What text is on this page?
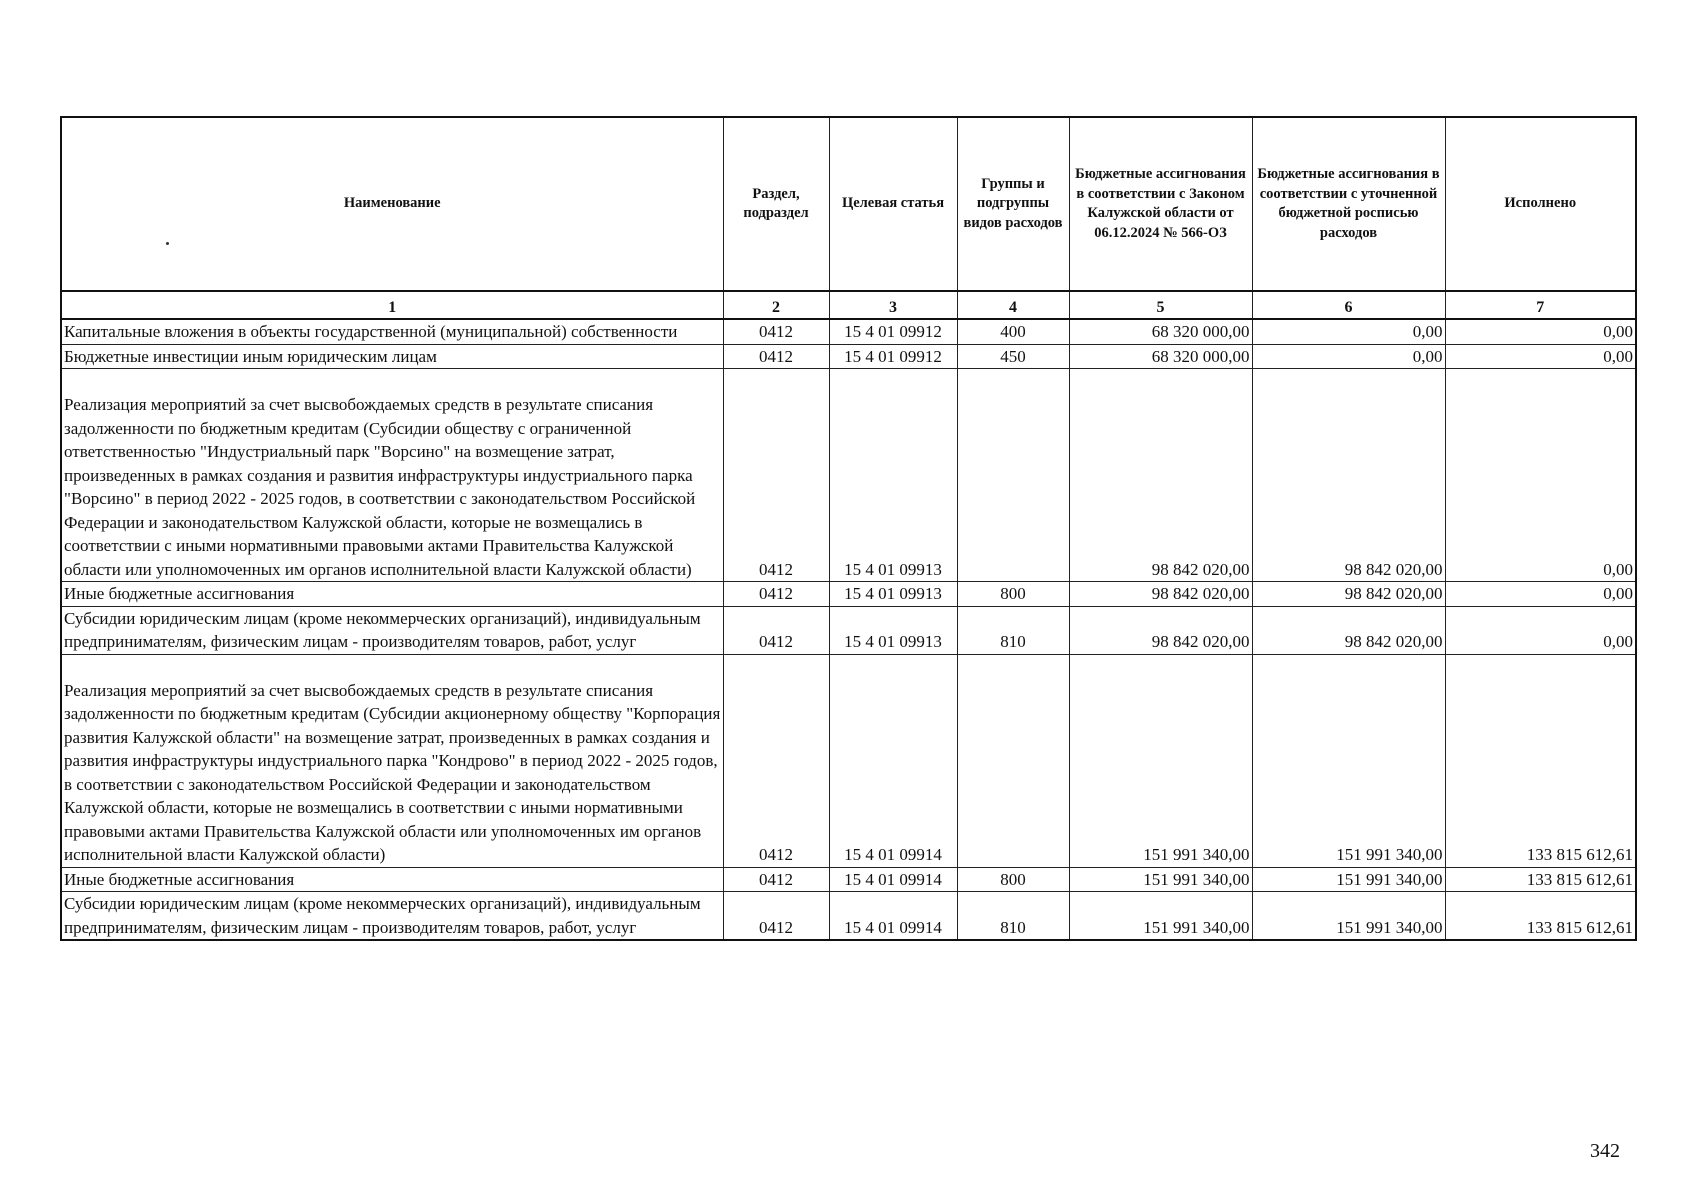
Наименование	Раздел, подраздел	Целевая статья	Группы и подгруппы видов расходов	Бюджетные ассигнования в соответствии с Законом Калужской области от 06.12.2024 № 566-ОЗ	Бюджетные ассигнования в соответствии с уточненной бюджетной росписью расходов	Исполнено
1	2	3	4	5	6	7
Капитальные вложения в объекты государственной (муниципальной) собственности	0412	15 4 01 09912	400	68 320 000,00	0,00	0,00
Бюджетные инвестиции иным юридическим лицам	0412	15 4 01 09912	450	68 320 000,00	0,00	0,00
Реализация мероприятий за счет высвобождаемых средств в результате списания задолженности по бюджетным кредитам (Субсидии обществу с ограниченной ответственностью "Индустриальный парк "Ворсино" на возмещение затрат, произведенных в рамках создания и развития инфраструктуры индустриального парка "Ворсино" в период 2022 - 2025 годов, в соответствии с законодательством Российской Федерации и законодательством Калужской области, которые не возмещались в соответствии с иными нормативными правовыми актами Правительства Калужской области или уполномоченных им органов исполнительной власти Калужской области)	0412	15 4 01 09913		98 842 020,00	98 842 020,00	0,00
Иные бюджетные ассигнования	0412	15 4 01 09913	800	98 842 020,00	98 842 020,00	0,00
Субсидии юридическим лицам (кроме некоммерческих организаций), индивидуальным предпринимателям, физическим лицам - производителям товаров, работ, услуг	0412	15 4 01 09913	810	98 842 020,00	98 842 020,00	0,00
Реализация мероприятий за счет высвобождаемых средств в результате списания задолженности по бюджетным кредитам (Субсидии акционерному обществу "Корпорация развития Калужской области" на возмещение затрат, произведенных в рамках создания и развития инфраструктуры индустриального парка "Кондрово" в период 2022 - 2025 годов, в соответствии с законодательством Российской Федерации и законодательством Калужской области, которые не возмещались в соответствии с иными нормативными правовыми актами Правительства Калужской области или уполномоченных им органов исполнительной власти Калужской области)	0412	15 4 01 09914		151 991 340,00	151 991 340,00	133 815 612,61
Иные бюджетные ассигнования	0412	15 4 01 09914	800	151 991 340,00	151 991 340,00	133 815 612,61
Субсидии юридическим лицам (кроме некоммерческих организаций), индивидуальным предпринимателям, физическим лицам - производителям товаров, работ, услуг	0412	15 4 01 09914	810	151 991 340,00	151 991 340,00	133 815 612,61
342
